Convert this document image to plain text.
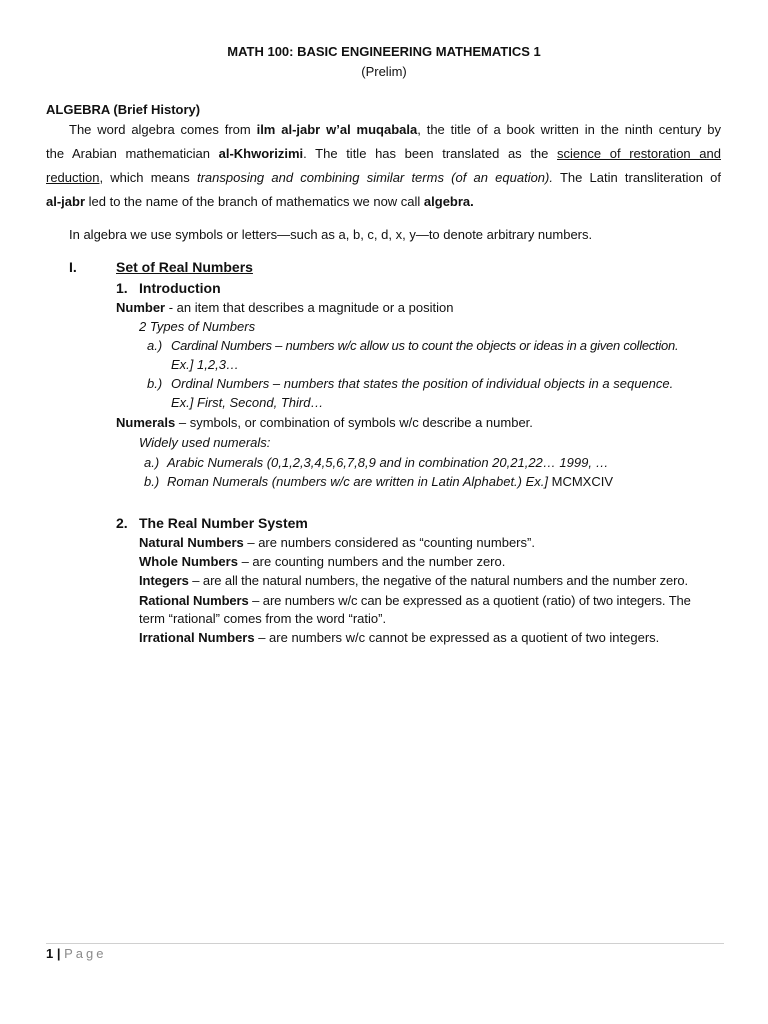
MATH 100: BASIC ENGINEERING MATHEMATICS 1
(Prelim)
ALGEBRA (Brief History)
The word algebra comes from ilm al-jabr w’al muqabala, the title of a book written in the ninth century by
the Arabian mathematician al-Khworizimi. The title has been translated as the science of restoration and
reduction, which means transposing and combining similar terms (of an equation). The Latin transliteration of
al-jabr led to the name of the branch of mathematics we now call algebra.
In algebra we use symbols or letters—such as a, b, c, d, x, y—to denote arbitrary numbers.
I.	Set of Real Numbers
1. Introduction
Number - an item that describes a magnitude or a position
2 Types of Numbers
a.) Cardinal Numbers – numbers w/c allow us to count the objects or ideas in a given collection.
Ex.] 1,2,3…
b.) Ordinal Numbers – numbers that states the position of individual objects in a sequence.
Ex.] First, Second, Third…
Numerals – symbols, or combination of symbols w/c describe a number.
Widely used numerals:
a.) Arabic Numerals (0,1,2,3,4,5,6,7,8,9 and in combination 20,21,22… 1999, …
b.) Roman Numerals (numbers w/c are written in Latin Alphabet.) Ex.] MCMXCIV
2. The Real Number System
Natural Numbers – are numbers considered as “counting numbers”.
Whole Numbers – are counting numbers and the number zero.
Integers – are all the natural numbers, the negative of the natural numbers and the number zero.
Rational Numbers – are numbers w/c can be expressed as a quotient (ratio) of two integers. The
term “rational” comes from the word “ratio”.
Irrational Numbers – are numbers w/c cannot be expressed as a quotient of two integers.
1 | Page
